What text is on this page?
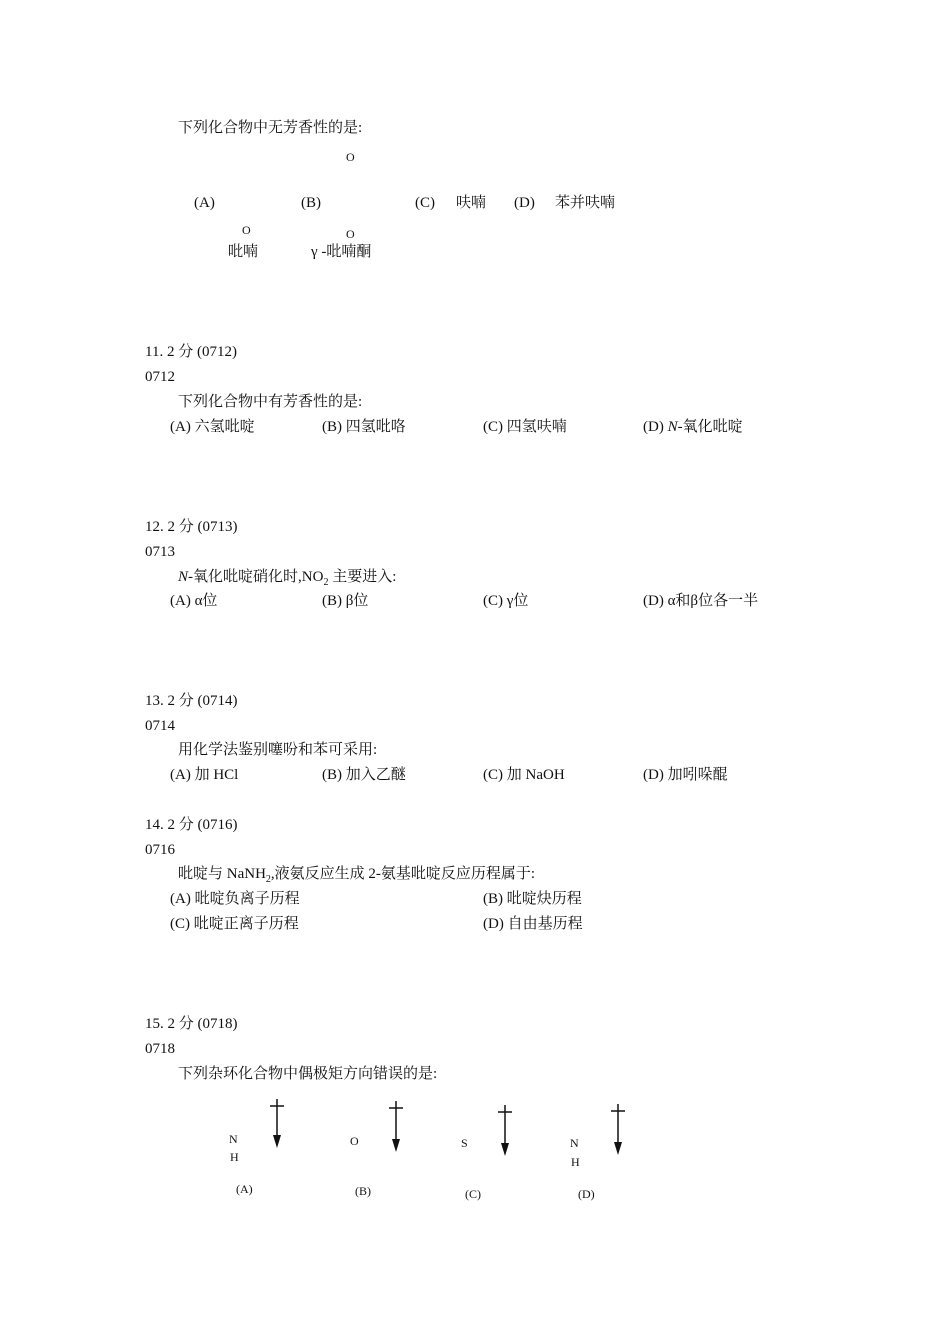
下列化合物中无芳香性的是:
O
(A)	(B)	(C) 呋喃 (D) 苯并呋喃
O	O
吡喃	γ -吡喃酮
11. 2 分 (0712)
0712
下列化合物中有芳香性的是:
(A) 六氢吡啶	(B) 四氢吡咯	(C) 四氢呋喃	(D) N-氧化吡啶
12. 2 分 (0713)
0713
N-氧化吡啶硝化时$,NO_2$ 主要进入:
(A) α位	(B) β位	(C) γ位	(D) α和β位各一半
13. 2 分 (0714)
0714
用化学法鉴别噻吩和苯可采用:
(A) 加 HCl	(B) 加入乙醚	(C) 加 NaOH	(D) 加吲哚醌
14. 2 分 (0716)
0716
吡啶与 NaNH$_2$,液氨反应生成 2-氨基吡啶反应历程属于:
(A) 吡啶负离子历程	(B) 吡啶炔历程
(C) 吡啶正离子历程	(D) 自由基历程
15. 2 分 (0718)
0718
下列杂环化合物中偶极矩方向错误的是:
N
H
(A)
O
(B)
S
(C)
N
H
(D)
